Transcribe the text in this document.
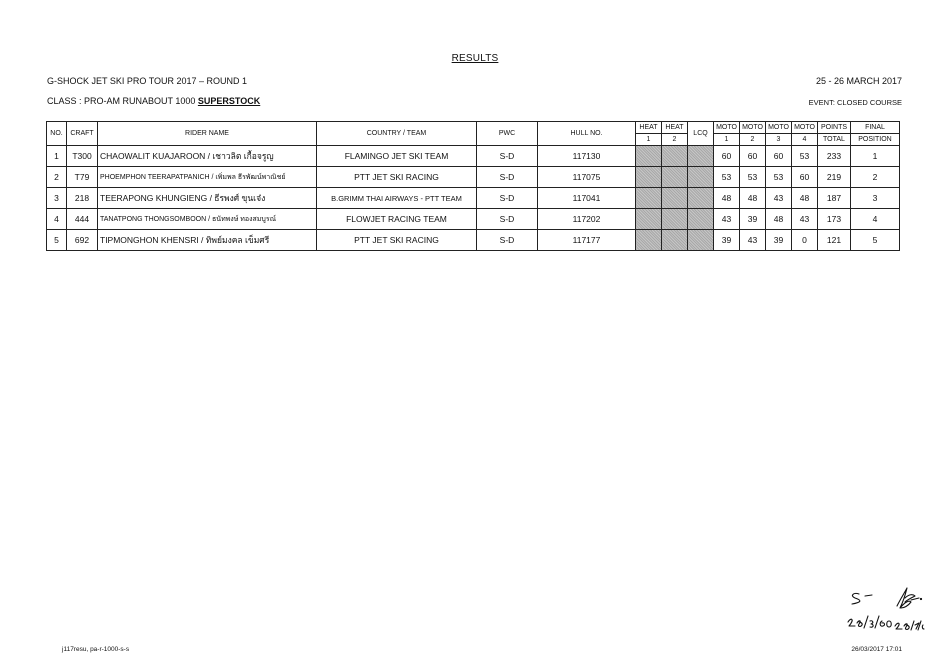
RESULTS
G-SHOCK JET SKI PRO TOUR 2017 – ROUND 1	25 - 26 MARCH 2017
CLASS : PRO-AM RUNABOUT 1000 SUPERSTOCK	EVENT: CLOSED COURSE
NO.	CRAFT	RIDER NAME	COUNTRY / TEAM	PWC	HULL NO.	HEAT	HEAT	LCQ	MOTO	MOTO	MOTO	MOTO	POINTS	FINAL
						1	2		1	2	3	4	TOTAL	POSITION
1	T300	CHAOWALIT KUAJAROON / เชาวลิต เกื้อจรูญ	FLAMINGO JET SKI TEAM	S-D	117130				60	60	60	53	233	1
2	T79	PHOEMPHON TEERAPATPANICH / เพิ่มพล ธีรพัฒน์พาณิชย์	PTT JET SKI RACING	S-D	117075				53	53	53	60	219	2
3	218	TEERAPONG KHUNGIENG / ธีรพงศ์ ขุนเจ๋ง	B.GRIMM THAI AIRWAYS - PTT TEAM	S-D	117041				48	48	43	48	187	3
4	444	TANATPONG THONGSOMBOON / ธนัทพงษ์ ทองสมบูรณ์	FLOWJET RACING TEAM	S-D	117202				43	39	48	43	173	4
5	692	TIPMONGHON KHENSRI / ทิพย์มงคล เข็มศรี	PTT JET SKI RACING	S-D	117177				39	43	39	0	121	5
j117resu, pa-r-1000-s-s	26/03/2017 17:01
